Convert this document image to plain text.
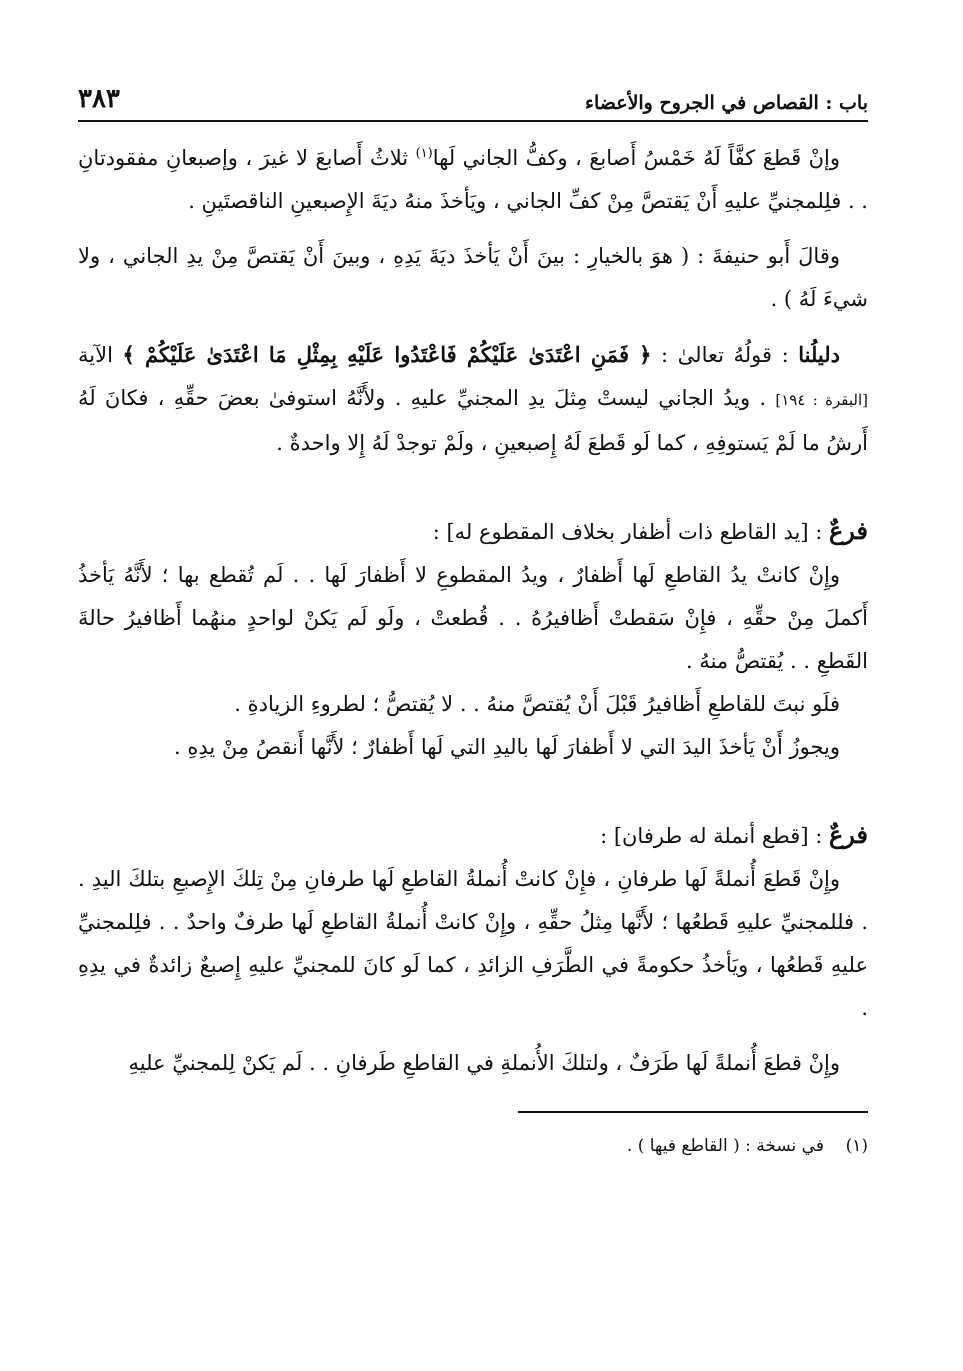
باب : القصاص في الجروح والأعضاء
٣٨٣

وإنْ قَطعَ كفَّاً لَهُ خَمْسُ أَصابعَ ، وكفُّ الجاني لَها$^{(١)}$ ثلاثُ أَصابعَ لا غيرَ ، وإصبعانِ مفقودتانِ . . فلِلمجنيِّ عليهِ أَنْ يَقتصَّ مِنْ كفِّ الجاني ، ويَأخذَ منهُ ديَةَ الإِصبعينِ الناقصتَينِ .

وقالَ أَبو حنيفةَ : ( هوَ بالخيارِ : بينَ أَنْ يَأخذَ ديَةَ يَدِهِ ، وبينَ أَنْ يَقتصَّ مِنْ يدِ الجاني ، ولا شيءَ لَهُ ) .

دليلُنا : قولُهُ تعالىٰ : ﴿ فَمَنِ اعْتَدَىٰ عَلَيْكُمْ فَاعْتَدُوا عَلَيْهِ بِمِثْلِ مَا اعْتَدَىٰ عَلَيْكُمْ ﴾ الآية [البقرة : ١٩٤] . ويدُ الجاني ليستْ مِثلَ يدِ المجنيِّ عليهِ . ولأَنَّهُ استوفىٰ بعضَ حقِّهِ ، فكانَ لَهُ أَرشُ ما لَمْ يَستوفِهِ ، كما لَو قَطعَ لَهُ إِصبعينِ ، ولَمْ توجدْ لَهُ إِلا واحدةٌ .

فرعٌ : [يد القاطع ذات أظفار بخلاف المقطوع له] :

وإِنْ كانتْ يدُ القاطعِ لَها أَظفارٌ ، ويدُ المقطوعِ لا أَظفارَ لَها . . لَم تُقطع بها ؛ لأَنَّهُ يَأخذُ أَكملَ مِنْ حقِّهِ ، فإِنْ سَقطتْ أَظافيرُهُ . . قُطعتْ ، ولَو لَم يَكنْ لواحدٍ منهُما أَظافيرُ حالةَ القَطعِ . . يُقتصُّ منهُ .

فلَو نبتَ للقاطعِ أَظافيرُ قَبْلَ أَنْ يُقتصَّ منهُ . . لا يُقتصُّ ؛ لطروءِ الزيادةِ .

ويجوزُ أَنْ يَأخذَ اليدَ التي لا أَظفارَ لَها باليدِ التي لَها أَظفارٌ ؛ لأَنَّها أَنقصُ مِنْ يدِهِ .

فرعٌ : [قطع أنملة له طرفان] :

وإِنْ قَطعَ أُنملةً لَها طرفانِ ، فإِنْ كانتْ أُنملةُ القاطعِ لَها طرفانِ مِنْ تِلكَ الإِصبعِ بتلكَ اليدِ . . فللمجنيِّ عليهِ قَطعُها ؛ لأَنَّها مِثلُ حقِّهِ ، وإِنْ كانتْ أُنملةُ القاطعِ لَها طرفٌ واحدٌ . . فلِلمجنيِّ عليهِ قَطعُها ، ويَأخذُ حكومةً في الطَّرَفِ الزائدِ ، كما لَو كانَ للمجنيِّ عليهِ إِصبعٌ زائدةٌ في يدِهِ .

وإِنْ قطعَ أُنملةً لَها طَرَفٌ ، ولتلكَ الأُنملةِ في القاطعِ طَرفانِ . . لَم يَكنْ لِلمجنيِّ عليهِ

(١)    في نسخة : ( القاطع فيها ) .
